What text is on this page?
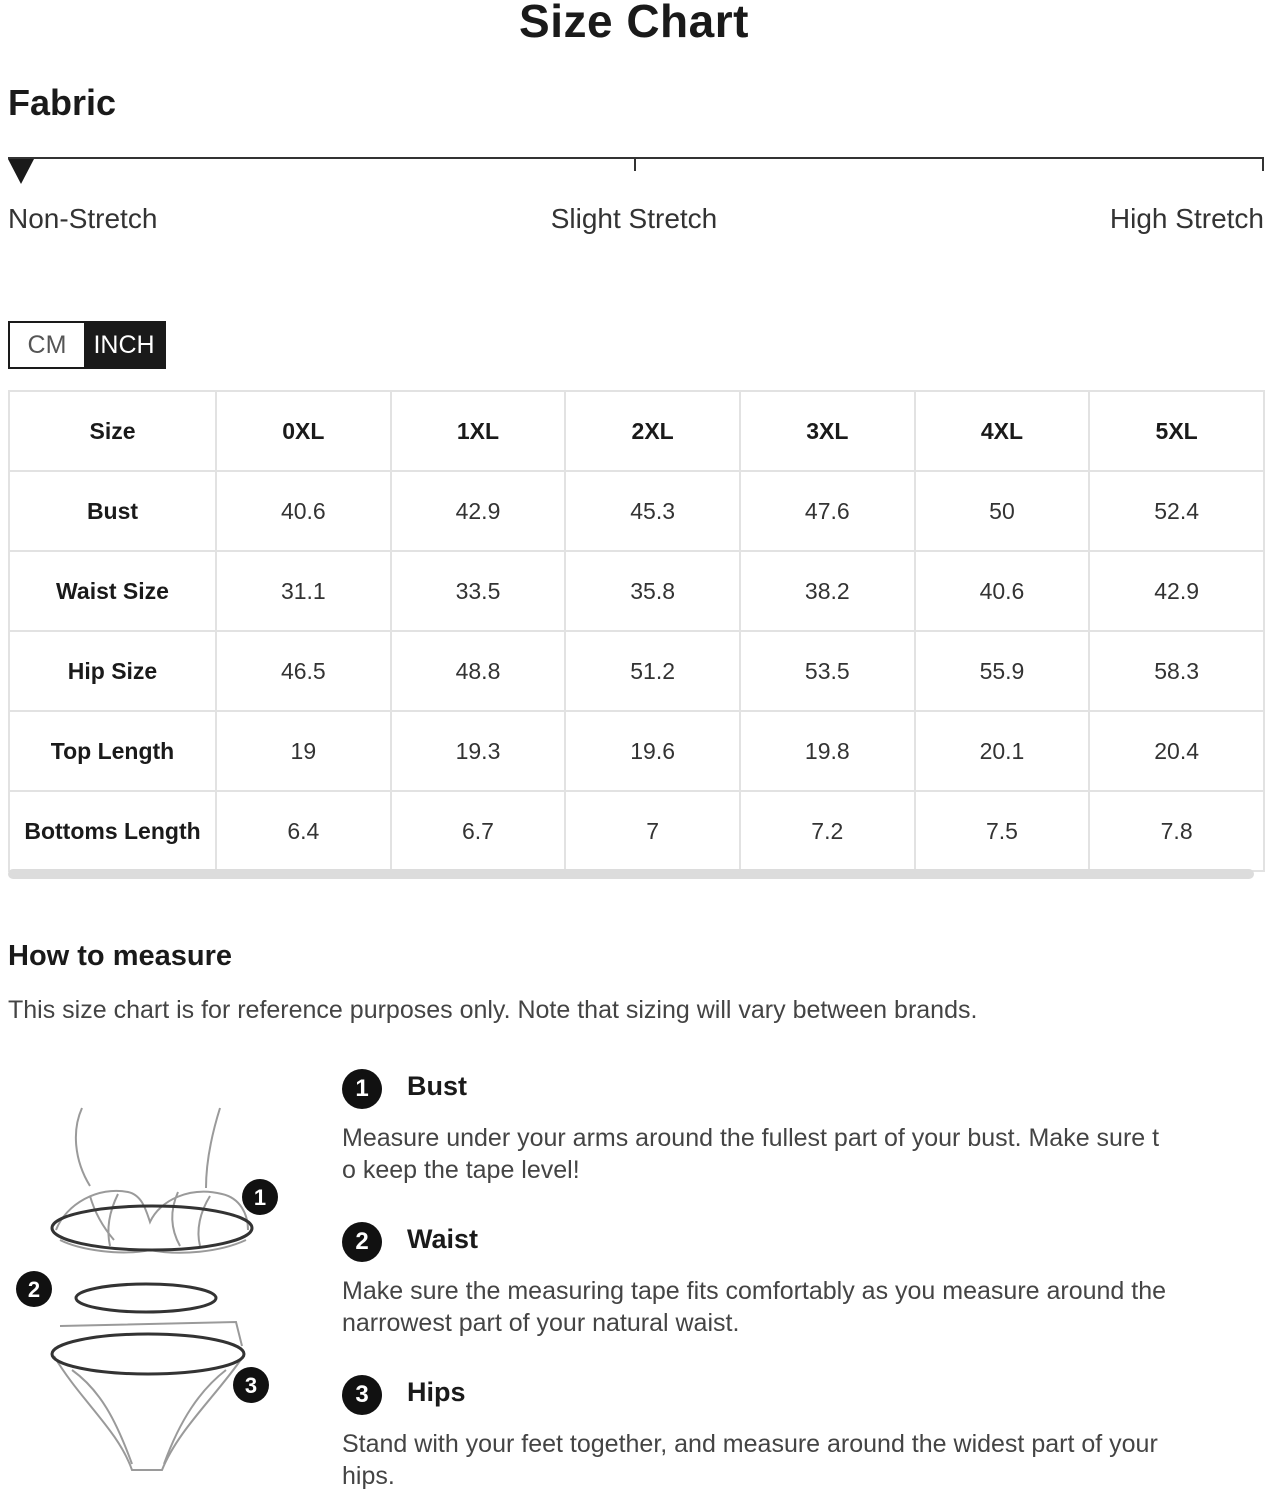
Size Chart
Fabric
Non-Stretch	Slight Stretch	High Stretch
CM	INCH
Size	0XL	1XL	2XL	3XL	4XL	5XL
Bust	40.6	42.9	45.3	47.6	50	52.4
Waist Size	31.1	33.5	35.8	38.2	40.6	42.9
Hip Size	46.5	48.8	51.2	53.5	55.9	58.3
Top Length	19	19.3	19.6	19.8	20.1	20.4
Bottoms Length	6.4	6.7	7	7.2	7.5	7.8
How to measure
This size chart is for reference purposes only. Note that sizing will vary between brands.
1
2
3
1	Bust
Measure under your arms around the fullest part of your bust. Make sure to keep the tape level!
2	Waist
Make sure the measuring tape fits comfortably as you measure around the narrowest part of your natural waist.
3	Hips
Stand with your feet together, and measure around the widest part of your hips.
